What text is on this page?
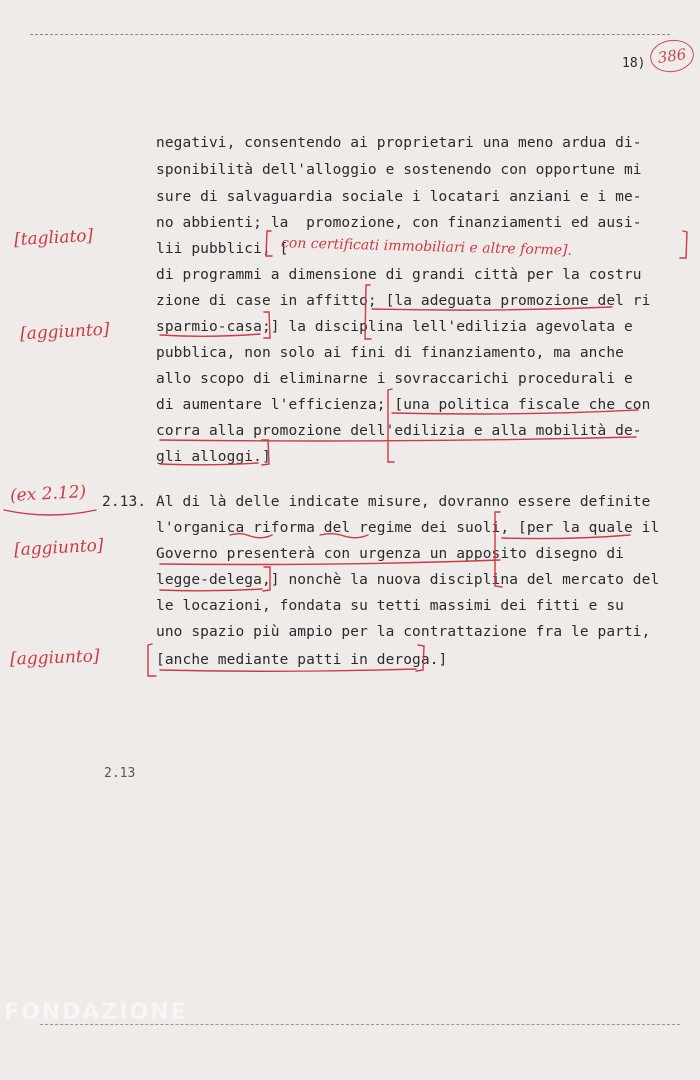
18) 386
negativi, consentendo ai proprietari una meno ardua di-
sponibilità dell'alloggio e sostenendo con opportune mi
sure di salvaguardia sociale i locatari anziani e i me-
no abbienti; la  promozione, con finanziamenti ed ausi-
lii pubblici, [
con certificati immobiliari e altre forme].
di programmi a dimensione di grandi città per la costru
zione di case in affitto; [la adeguata promozione del ri
sparmio-casa;] la disciplina lell'edilizia agevolata e
pubblica, non solo ai fini di finanziamento, ma anche
allo scopo di eliminarne i sovraccarichi procedurali e
di aumentare l'efficienza; [una politica fiscale che con
corra alla promozione dell'edilizia e alla mobilità de-
gli alloggi.]
2.13. Al di là delle indicate misure, dovranno essere definite
l'organica riforma del regime dei suoli, [per la quale il
Governo presenterà con urgenza un apposito disegno di
legge-delega,] nonchè la nuova disciplina del mercato del
le locazioni, fondata su tetti massimi dei fitti e su
uno spazio più ampio per la contrattazione fra le parti,
[anche mediante patti in deroga.]
[tagliato]
[aggiunto]
(ex 2.12)
[aggiunto]
[aggiunto]
2.13
FONDAZIONE
